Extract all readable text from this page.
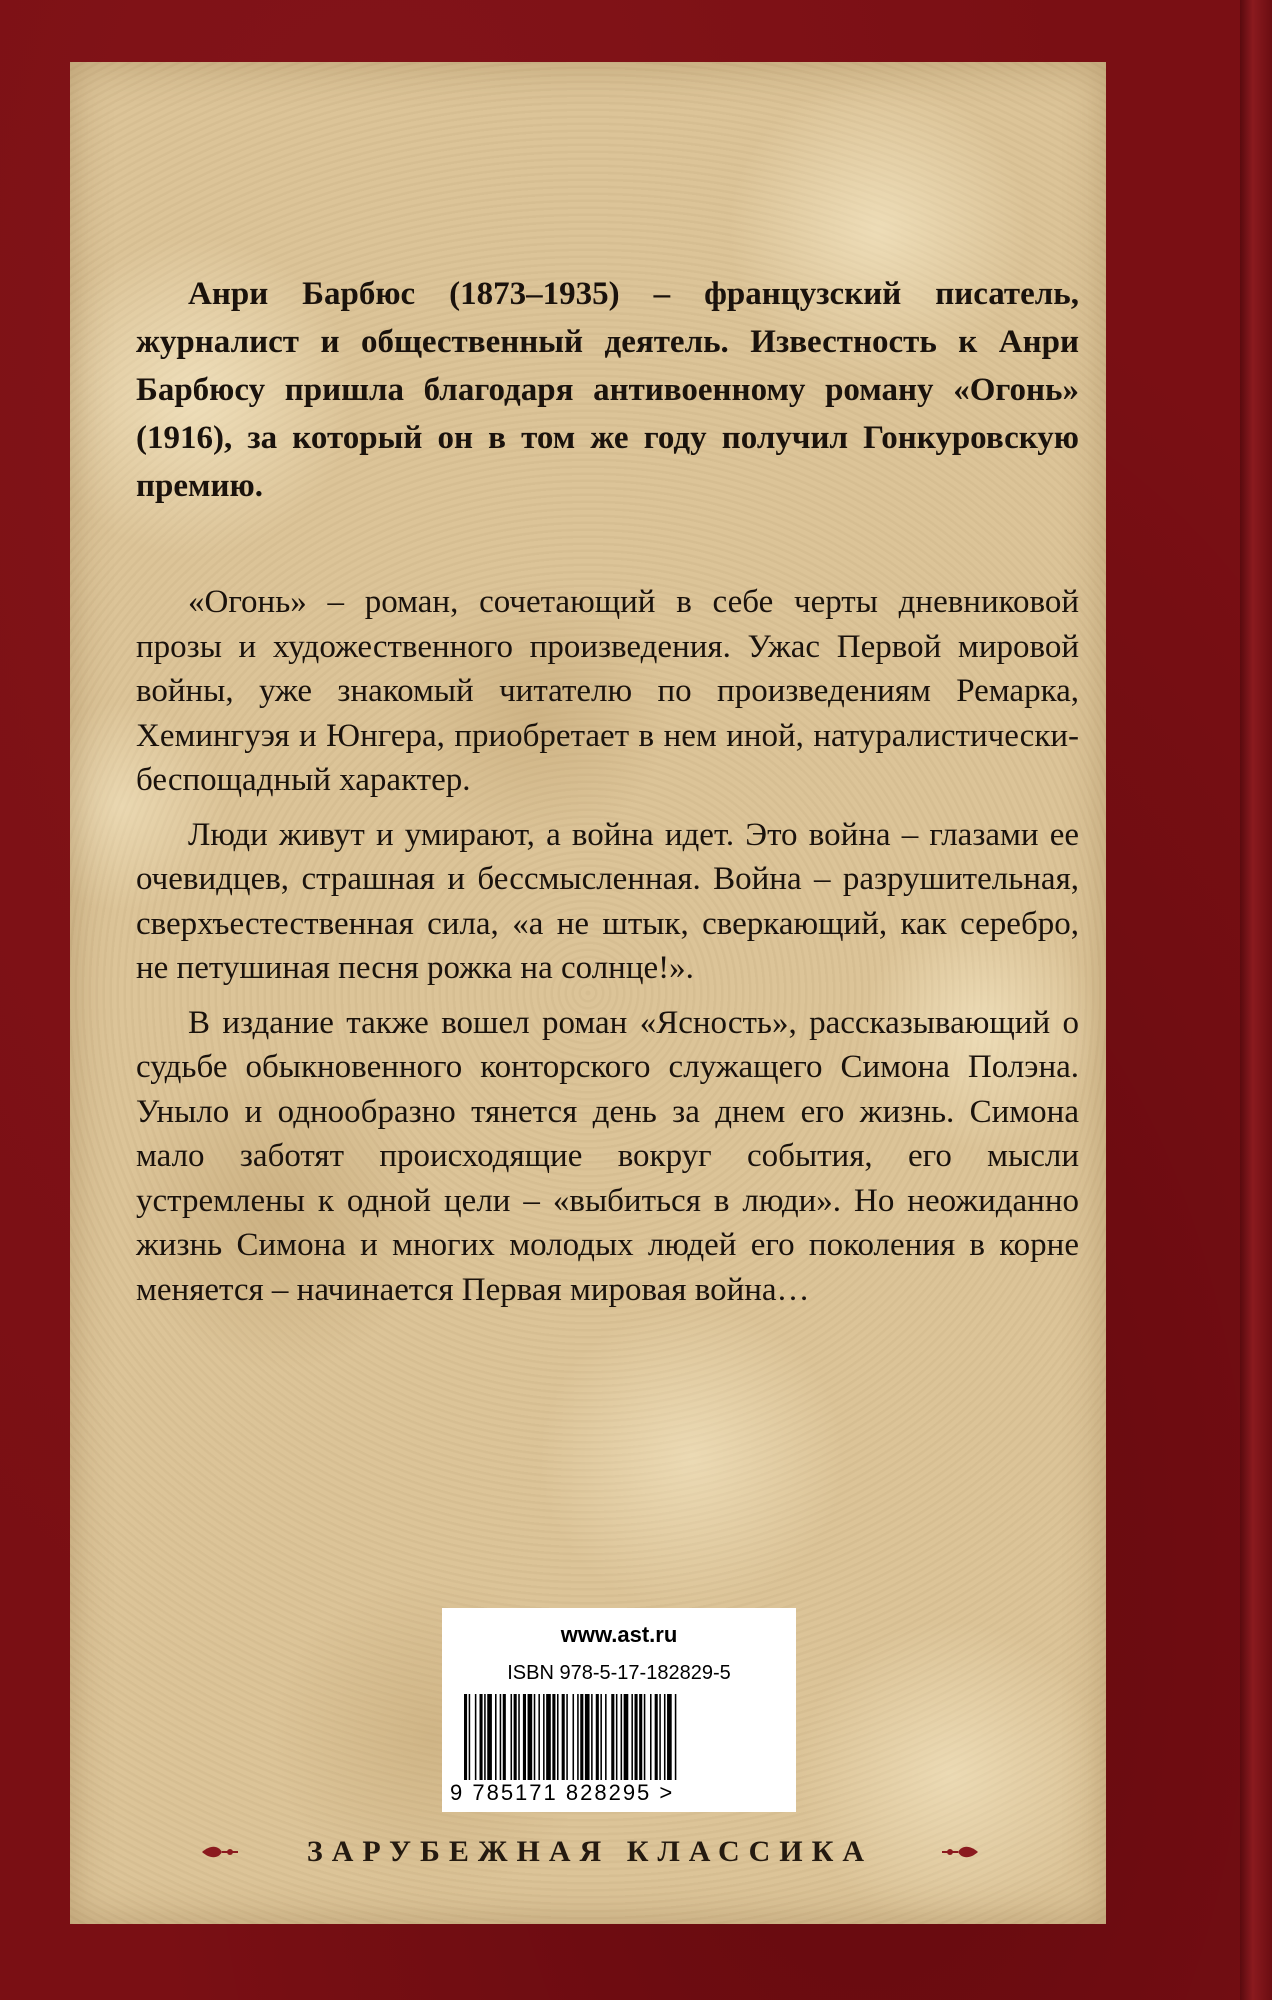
Анри Барбюс (1873–1935) – французский писатель, журналист и общественный деятель. Известность к Анри Барбюсу пришла благодаря антивоенному роману «Огонь» (1916), за который он в том же году получил Гонкуровскую премию.

«Огонь» – роман, сочетающий в себе черты дневниковой прозы и художественного произведения. Ужас Первой мировой войны, уже знакомый читателю по произведениям Ремарка, Хемингуэя и Юнгера, приобретает в нем иной, натуралистически-беспощадный характер.

Люди живут и умирают, а война идет. Это война – глазами ее очевидцев, страшная и бессмысленная. Война – разрушительная, сверхъестественная сила, «а не штык, сверкающий, как серебро, не петушиная песня рожка на солнце!».

В издание также вошел роман «Ясность», рассказывающий о судьбе обыкновенного конторского служащего Симона Полэна. Уныло и однообразно тянется день за днем его жизнь. Симона мало заботят происходящие вокруг события, его мысли устремлены к одной цели – «выбиться в люди». Но неожиданно жизнь Симона и многих молодых людей его поколения в корне меняется – начинается Первая мировая война…

www.ast.ru
ISBN 978-5-17-182829-5
9 785171 828295 >
ЗАРУБЕЖНАЯ КЛАССИКА
